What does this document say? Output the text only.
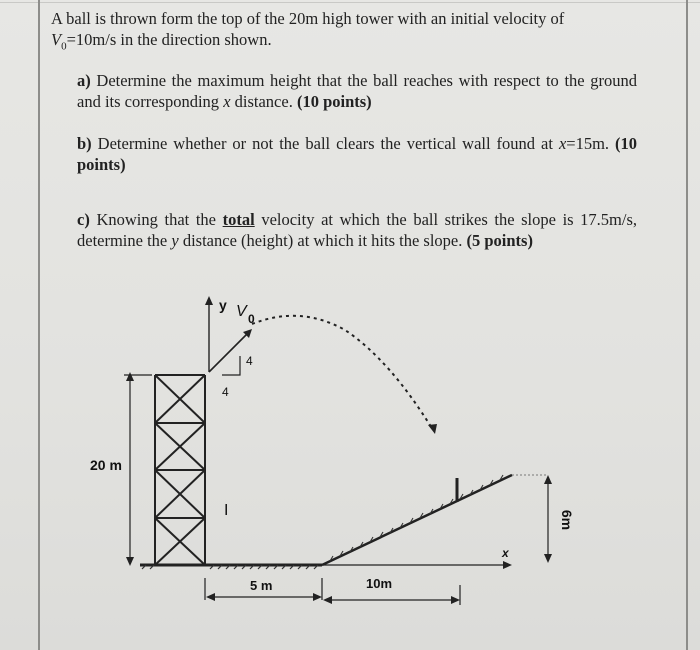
A ball is thrown form the top of the 20m high tower with an initial velocity of
$V_0=10m/s$ in the direction shown.
a) Determine the maximum height that the ball reaches with respect to the ground and its corresponding x distance. (10 points)
b) Determine whether or not the ball clears the vertical wall found at x=15m. (10 points)
c) Knowing that the total velocity at which the ball strikes the slope is 17.5m/s, determine the y distance (height) at which it hits the slope. (5 points)
y V 0
4
4
20 m
I	6m
x
5 m	10m
